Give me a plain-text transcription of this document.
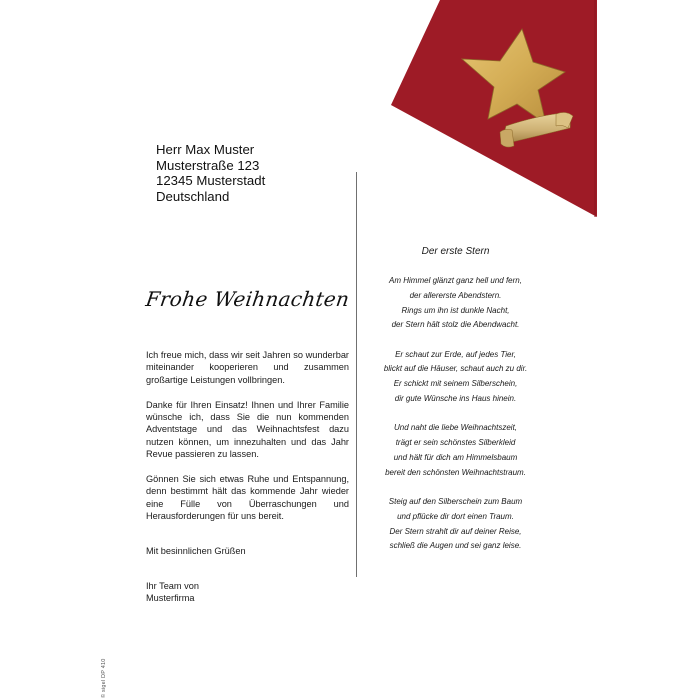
Herr Max Muster
Musterstraße 123
12345 Musterstadt
Deutschland
Frohe Weihnachten

Ich freue mich, dass wir seit Jahren so wunderbar miteinander kooperieren und zusammen großartige Leistungen vollbringen.

Danke für Ihren Einsatz! Ihnen und Ihrer Familie wünsche ich, dass Sie die nun kommenden Adventstage und das Weihnachtsfest dazu nutzen können, um innezuhalten und das Jahr Revue passieren zu lassen.

Gönnen Sie sich etwas Ruhe und Entspannung, denn bestimmt hält das kommende Jahr wieder eine Fülle von Überraschungen und Herausforderungen für uns bereit.

Mit besinnlichen Grüßen

Ihr Team von
Musterfirma
Der erste Stern
Am Himmel glänzt ganz hell und fern,
der allererste Abendstern.
Rings um ihn ist dunkle Nacht,
der Stern hält stolz die Abendwacht.
Er schaut zur Erde, auf jedes Tier,
blickt auf die Häuser, schaut auch zu dir.
Er schickt mit seinem Silberschein,
dir gute Wünsche ins Haus hinein.
Und naht die liebe Weihnachtszeit,
trägt er sein schönstes Silberkleid
und hält für dich am Himmelsbaum
bereit den schönsten Weihnachtstraum.
Steig auf den Silberschein zum Baum
und pflücke dir dort einen Traum.
Der Stern strahlt dir auf deiner Reise,
schließ die Augen und sei ganz leise.
© sigel DP 410
